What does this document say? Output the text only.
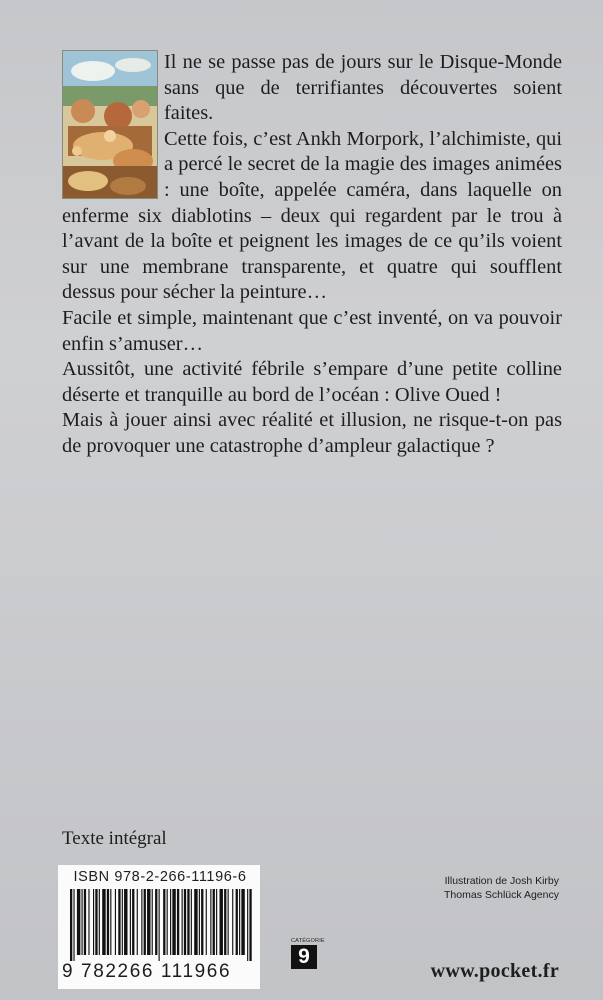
Il ne se passe pas de jours sur le Disque-Monde sans que de terrifiantes découvertes soient faites.

Cette fois, c’est Ankh Morpork, l’alchimiste, qui a percé le secret de la magie des images animées : une boîte, appelée caméra, dans laquelle on enferme six diablotins – deux qui regardent par le trou à l’avant de la boîte et peignent les images de ce qu’ils voient sur une membrane transparente, et quatre qui soufflent dessus pour sécher la peinture…

Facile et simple, maintenant que c’est inventé, on va pouvoir enfin s’amuser…

Aussitôt, une activité fébrile s’empare d’une petite colline déserte et tranquille au bord de l’océan : Olive Oued !

Mais à jouer ainsi avec réalité et illusion, ne risque-t-on pas de provoquer une catastrophe d’ampleur galactique ?

Texte intégral
ISBN 978-2-266-11196-6
9 782266 111966
Illustration de Josh Kirby
Thomas Schlück Agency
CATÉGORIE
9
www.pocket.fr
